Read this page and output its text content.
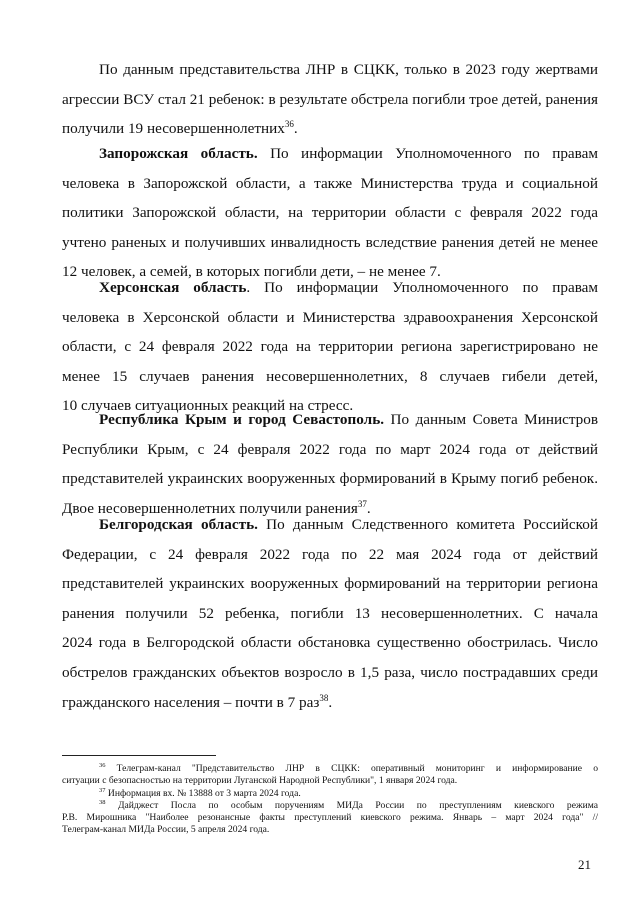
По данным представительства ЛНР в СЦКК, только в 2023 году жертвами
агрессии ВСУ стал 21 ребенок: в результате обстрела погибли трое детей, ранения
получили 19 несовершеннолетних$^{36}$.
Запорожская область. По информации Уполномоченного по правам
человека в Запорожской области, а также Министерства труда и социальной
политики Запорожской области, на территории области с февраля 2022 года
учтено раненых и получивших инвалидность вследствие ранения детей не менее
12 человек, а семей, в которых погибли дети, – не менее 7.
Херсонская область. По информации Уполномоченного по правам
человека в Херсонской области и Министерства здравоохранения Херсонской
области, с 24 февраля 2022 года на территории региона зарегистрировано не
менее 15 случаев ранения несовершеннолетних, 8 случаев гибели детей,
10 случаев ситуационных реакций на стресс.
Республика Крым и город Севастополь. По данным Совета Министров
Республики Крым, с 24 февраля 2022 года по март 2024 года от действий
представителей украинских вооруженных формирований в Крыму погиб ребенок.
Двое несовершеннолетних получили ранения$^{37}$.
Белгородская область. По данным Следственного комитета Российской
Федерации, с 24 февраля 2022 года по 22 мая 2024 года от действий
представителей украинских вооруженных формирований на территории региона
ранения получили 52 ребенка, погибли 13 несовершеннолетних. С начала
2024 года в Белгородской области обстановка существенно обострилась. Число
обстрелов гражданских объектов возросло в 1,5 раза, число пострадавших среди
гражданского населения – почти в 7 раз$^{38}$.
$^{36}$ Телеграм-канал "Представительство ЛНР в СЦКК: оперативный мониторинг и информирование о
ситуации с безопасностью на территории Луганской Народной Республики", 1 января 2024 года.
$^{37}$ Информация вх. № 13888 от 3 марта 2024 года.
$^{38}$ Дайджест Посла по особым поручениям МИДа России по преступлениям киевского режима
Р.В. Мирошника "Наиболее резонансные факты преступлений киевского режима. Январь – март 2024 года" //
Телеграм-канал МИДа России, 5 апреля 2024 года.
21
